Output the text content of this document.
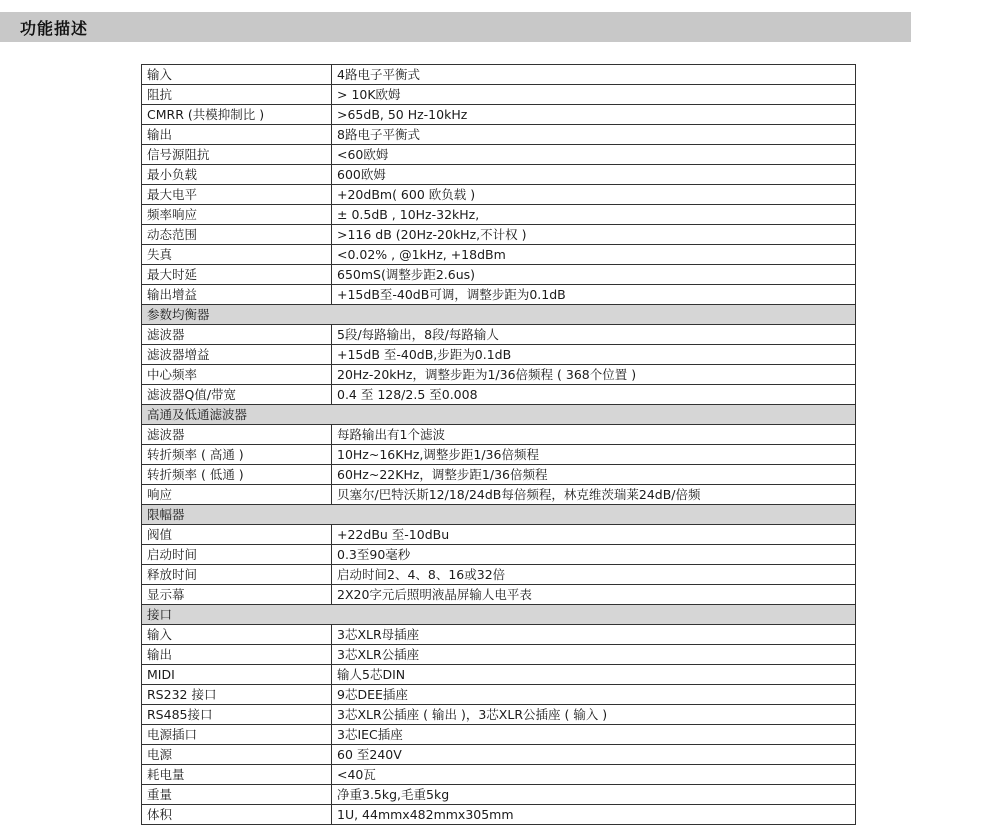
功能描述
输入	4路电子平衡式
阻抗	> 10K欧姆
CMRR (共模抑制比 )	>65dB, 50 Hz-10kHz
输出	8路电子平衡式
信号源阻抗	<60欧姆
最小负载	600欧姆
最大电平	+20dBm( 600 欧负载 )
频率响应	± 0.5dB , 10Hz-32kHz,
动态范围	>116 dB (20Hz-20kHz,不计权 )
失真	<0.02% , @1kHz, +18dBm
最大时延	650mS(调整步距2.6us)
输出增益	+15dB至-40dB可调，调整步距为0.1dB
参数均衡器	
滤波器	5段/每路输出，8段/每路输人
滤波器增益	+15dB 至-40dB,步距为0.1dB
中心频率	20Hz-20kHz，调整步距为1/36倍频程 ( 368个位置 )
滤波器Q值/带宽	0.4 至 128/2.5 至0.008
高通及低通滤波器	
滤波器	每路输出有1个滤波
转折频率 ( 高通 )	10Hz~16KHz,调整步距1/36倍频程
转折频率 ( 低通 )	60Hz~22KHz，调整步距1/36倍频程
响应	贝塞尔/巴特沃斯12/18/24dB每倍频程，林克维茨瑞莱24dB/倍频
限幅器	
阀值	+22dBu 至-10dBu
启动时间	0.3至90毫秒
释放时间	启动时间2、4、8、16或32倍
显示幕	2X20字元后照明液晶屏输人电平表
接口	
输入	3芯XLR母插座
输出	3芯XLR公插座
MIDI	输人5芯DIN
RS232 接口	9芯DEE插座
RS485接口	3芯XLR公插座 ( 输出 )，3芯XLR公插座 ( 输入 )
电源插口	3芯IEC插座
电源	60 至240V
耗电量	<40瓦
重量	净重3.5kg,毛重5kg
体积	1U, 44mmx482mmx305mm
